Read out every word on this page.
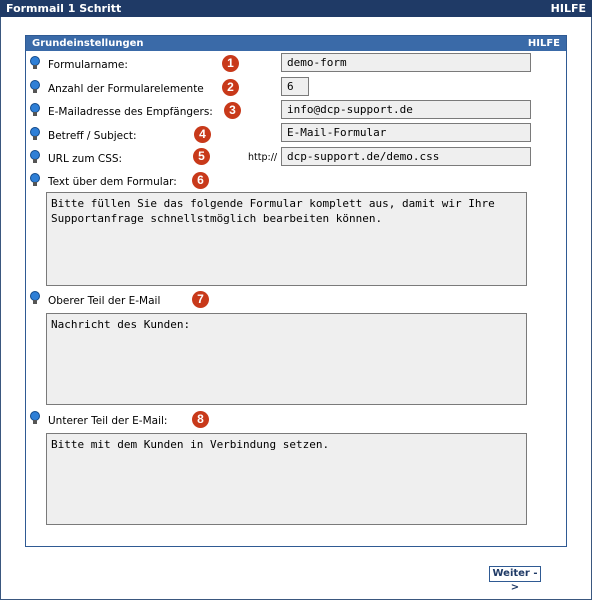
Formmail 1 Schritt	HILFE
Grundeinstellungen	HILFE
Formularname:	1	demo-form
Anzahl der Formularelemente	2	6
E-Mailadresse des Empfängers:	3	info@dcp-support.de
Betreff / Subject:	4	E-Mail-Formular
URL zum CSS:	5	http:// dcp-support.de/demo.css
Text über dem Formular:	6
Bitte füllen Sie das folgende Formular komplett aus, damit wir Ihre Supportanfrage schnellstmöglich bearbeiten können.
Oberer Teil der E-Mail	7
Nachricht des Kunden:
Unterer Teil der E-Mail:	8
Bitte mit dem Kunden in Verbindung setzen.
Weiter ->
